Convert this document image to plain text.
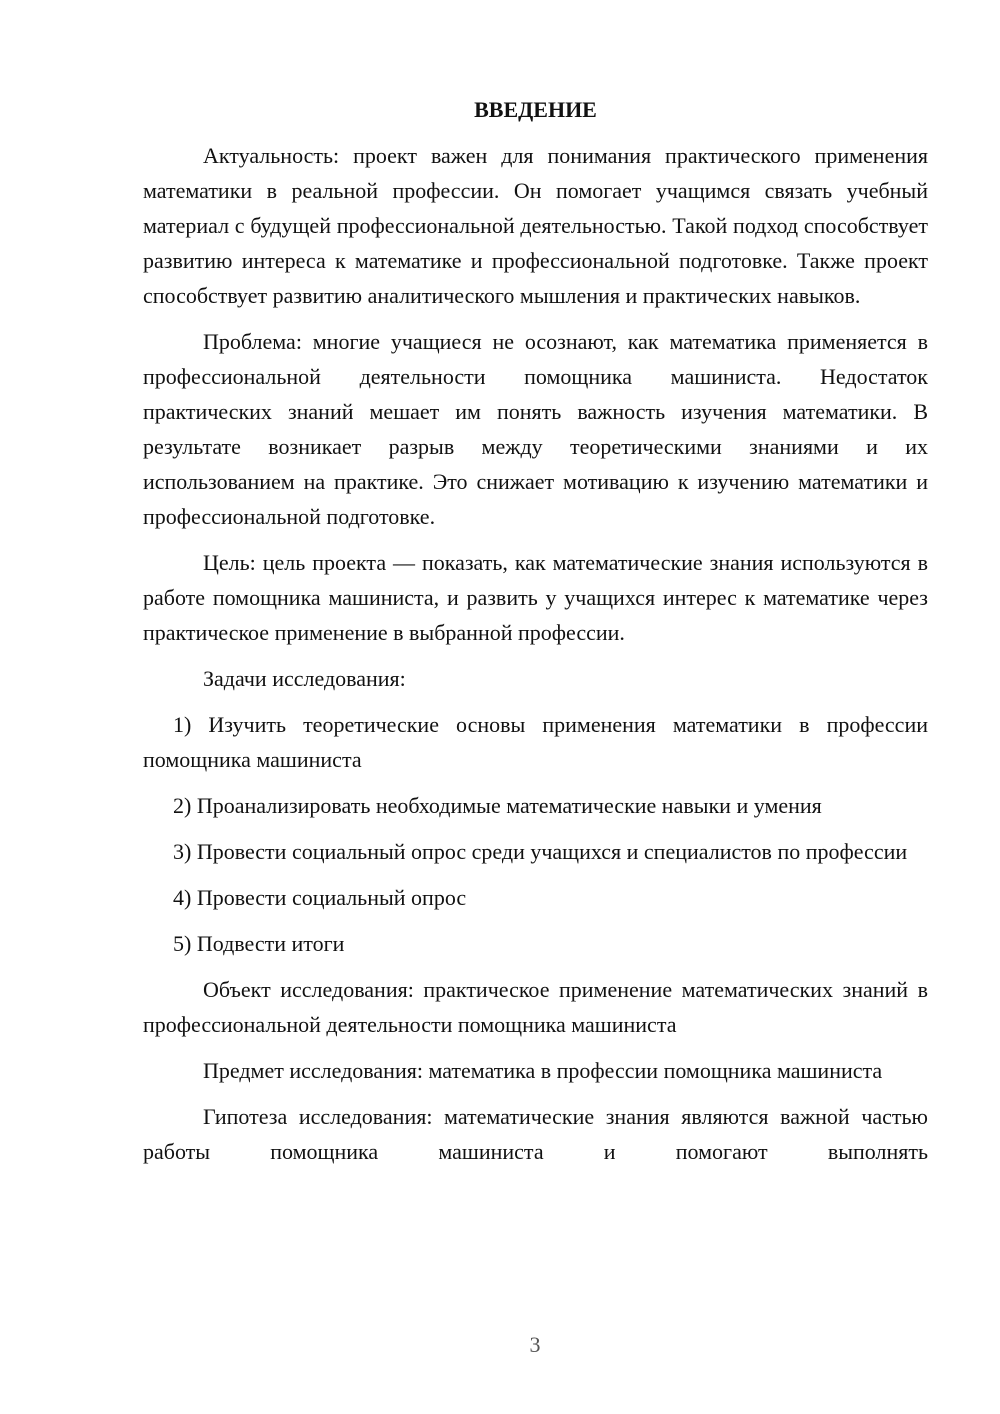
ВВЕДЕНИЕ

Актуальность: проект важен для понимания практического применения математики в реальной профессии. Он помогает учащимся связать учебный материал с будущей профессиональной деятельностью. Такой подход способствует развитию интереса к математике и профессиональной подготовке. Также проект способствует развитию аналитического мышления и практических навыков.

Проблема: многие учащиеся не осознают, как математика применяется в профессиональной деятельности помощника машиниста. Недостаток практических знаний мешает им понять важность изучения математики. В результате возникает разрыв между теоретическими знаниями и их использованием на практике. Это снижает мотивацию к изучению математики и профессиональной подготовке.

Цель: цель проекта — показать, как математические знания используются в работе помощника машиниста, и развить у учащихся интерес к математике через практическое применение в выбранной профессии.

Задачи исследования:

1) Изучить теоретические основы применения математики в профессии помощника машиниста

2) Проанализировать необходимые математические навыки и умения

3) Провести социальный опрос среди учащихся и специалистов по профессии

4) Провести социальный опрос

5) Подвести итоги

Объект исследования: практическое применение математических знаний в профессиональной деятельности помощника машиниста

Предмет исследования: математика в профессии помощника машиниста

Гипотеза исследования: математические знания являются важной частью работы помощника машиниста и помогают выполнять

3
